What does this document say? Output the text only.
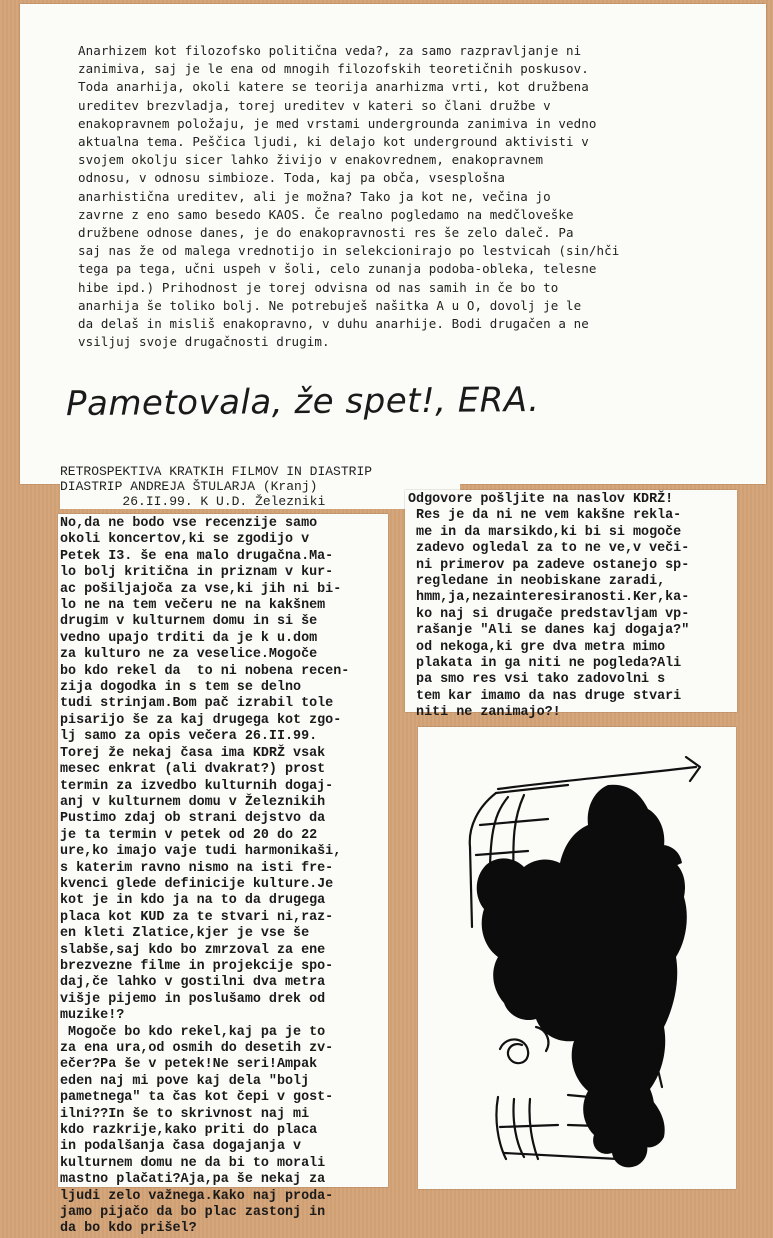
Anarhizem kot filozofsko politična veda?, za samo razpravljanje ni
zanimiva, saj je le ena od mnogih filozofskih teoretičnih poskusov.
Toda anarhija, okoli katere se teorija anarhizma vrti, kot družbena
ureditev brezvladja, torej ureditev v kateri so člani družbe v
enakopravnem položaju, je med vrstami undergrounda zanimiva in vedno
aktualna tema. Peščica ljudi, ki delajo kot underground aktivisti v
svojem okolju sicer lahko živijo v enakovrednem, enakopravnem
odnosu, v odnosu simbioze. Toda, kaj pa obča, vsesplošna
anarhistična ureditev, ali je možna? Tako ja kot ne, večina jo
zavrne z eno samo besedo KAOS. Če realno pogledamo na medčloveške
družbene odnose danes, je do enakopravnosti res še zelo daleč. Pa
saj nas že od malega vrednotijo in selekcionirajo po lestvicah (sin/hči
tega pa tega, učni uspeh v šoli, celo zunanja podoba-obleka, telesne
hibe ipd.) Prihodnost je torej odvisna od nas samih in če bo to
anarhija še toliko bolj. Ne potrebuješ našitka A u O, dovolj je le
da delaš in misliš enakopravno, v duhu anarhije. Bodi drugačen a ne
vsiljuj svoje drugačnosti drugim.
Pametovala, že spet!, ERA.
RETROSPEKTIVA KRATKIH FILMOV IN DIASTRIP
DIASTRIP ANDREJA ŠTULARJA (Kranj)
26.II.99. K U.D. Železniki
No,da ne bodo vse recenzije samo
okoli koncertov,ki se zgodijo v
Petek I3. še ena malo drugačna.Ma-
lo bolj kritična in priznam v kur-
ac pošiljajoča za vse,ki jih ni bi-
lo ne na tem večeru ne na kakšnem
drugim v kulturnem domu in si še
vedno upajo trditi da je k u.dom
za kulturo ne za veselice.Mogoče
bo kdo rekel da  to ni nobena recen-
zija dogodka in s tem se delno
tudi strinjam.Bom pač izrabil tole
pisarijo še za kaj drugega kot zgo-
lj samo za opis večera 26.II.99.
Torej že nekaj časa ima KDRŽ vsak
mesec enkrat (ali dvakrat?) prost
termin za izvedbo kulturnih dogaj-
anj v kulturnem domu v Železnikih
Pustimo zdaj ob strani dejstvo da
je ta termin v petek od 20 do 22
ure,ko imajo vaje tudi harmonikaši,
s katerim ravno nismo na isti fre-
kvenci glede definicije kulture.Je
kot je in kdo ja na to da drugega
placa kot KUD za te stvari ni,raz-
en kleti Zlatice,kjer je vse še
slabše,saj kdo bo zmrzoval za ene
brezvezne filme in projekcije spo-
daj,če lahko v gostilni dva metra
višje pijemo in poslušamo drek od
muzike!?
Mogoče bo kdo rekel,kaj pa je to
za ena ura,od osmih do desetih zv-
ečer?Pa še v petek!Ne seri!Ampak
eden naj mi pove kaj dela "bolj
pametnega" ta čas kot čepi v gost-
ilni??In še to skrivnost naj mi
kdo razkrije,kako priti do placa
in podalšanja časa dogajanja v
kulturnem domu ne da bi to morali
mastno plačati?Aja,pa še nekaj za
ljudi zelo važnega.Kako naj proda-
jamo pijačo da bo plac zastonj in
da bo kdo prišel?
Odgovore pošljite na naslov KDRŽ!
Res je da ni ne vem kakšne rekla-
me in da marsikdo,ki bi si mogoče
zadevo ogledal za to ne ve,v veči-
ni primerov pa zadeve ostanejo sp-
regledane in neobiskane zaradi,
hmm,ja,nezainteresiranosti.Ker,ka-
ko naj si drugače predstavljam vp-
rašanje "Ali se danes kaj dogaja?"
od nekoga,ki gre dva metra mimo
plakata in ga niti ne pogleda?Ali
pa smo res vsi tako zadovolni s
tem kar imamo da nas druge stvari
niti ne zanimajo?!
